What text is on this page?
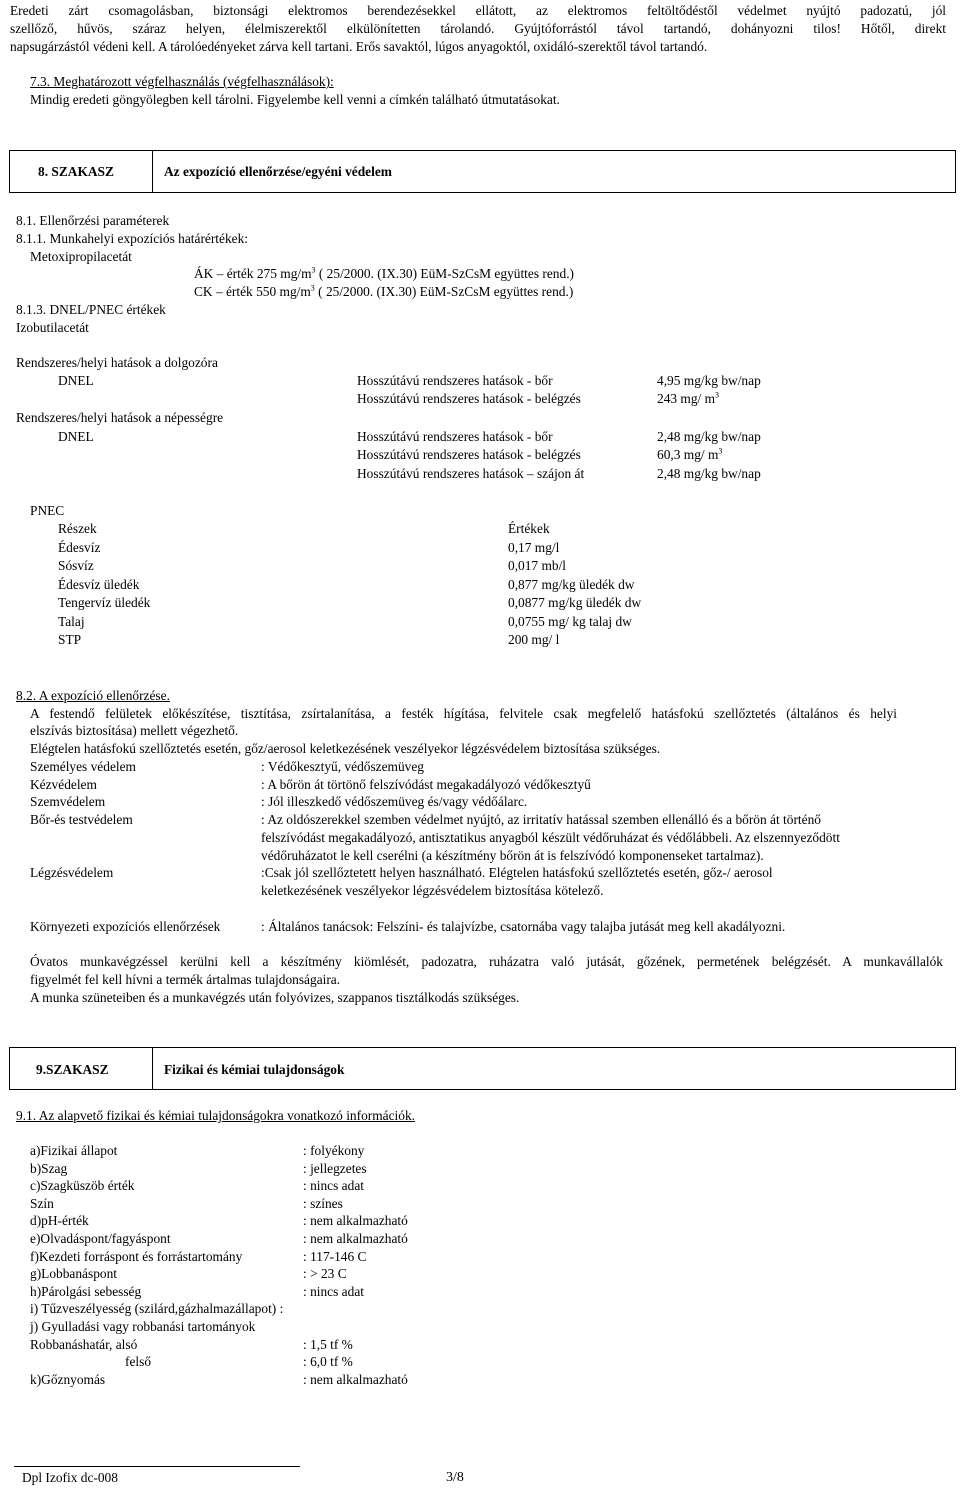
Eredeti zárt csomagolásban, biztonsági elektromos berendezésekkel ellátott, az elektromos feltöltődéstől védelmet nyújtó padozatú, jól
szellőző, hűvös, száraz helyen, élelmiszerektől elkülönítetten tárolandó. Gyújtóforrástól távol tartandó, dohányozni tilos! Hőtől, direkt
napsugárzástól védeni kell. A tárolóedényeket zárva kell tartani. Erős savaktól, lúgos anyagoktól, oxidáló-szerektől távol tartandó.
7.3. Meghatározott végfelhasználás (végfelhasználások):
Mindig eredeti göngyölegben kell tárolni. Figyelembe kell venni a címkén található útmutatásokat.
8. SZAKASZ	Az expozíció ellenőrzése/egyéni védelem
8.1. Ellenőrzési paraméterek
8.1.1. Munkahelyi expozíciós határértékek:
Metoxipropilacetát
ÁK – érték 275 $mg/m^3$ ( 25/2000. (IX.30) EüM-SzCsM együttes rend.)
CK – érték 550 $mg/m^3$ ( 25/2000. (IX.30) EüM-SzCsM együttes rend.)
8.1.3. DNEL/PNEC értékek
Izobutilacetát
Rendszeres/helyi hatások a dolgozóra
DNEL	Hosszútávú rendszeres hatások - bőr	4,95 mg/kg bw/nap
Hosszútávú rendszeres hatások - belégzés	243 mg/ $m^3$
Rendszeres/helyi hatások a népességre
DNEL	Hosszútávú rendszeres hatások - bőr	2,48 mg/kg bw/nap
Hosszútávú rendszeres hatások - belégzés	60,3 mg/ $m^3$
Hosszútávú rendszeres hatások – szájon át	2,48 mg/kg bw/nap
PNEC
Részek	Értékek
Édesvíz	0,17 mg/l
Sósvíz	0,017 mb/l
Édesvíz üledék	0,877 mg/kg üledék dw
Tengervíz üledék	0,0877 mg/kg üledék dw
Talaj	0,0755 mg/ kg talaj dw
STP	200 mg/ l
8.2. A expozíció ellenőrzése.
A festendő felületek előkészítése, tisztítása, zsírtalanítása, a festék hígítása, felvitele csak megfelelő hatásfokú szellőztetés (általános és helyi
elszívás biztosítása) mellett végezhető.
Elégtelen hatásfokú szellőztetés esetén, gőz/aerosol keletkezésének veszélyekor légzésvédelem biztosítása szükséges.
Személyes védelem	: Védőkesztyű, védőszemüveg
Kézvédelem	: A bőrön át törtönő felszívódást megakadályozó védőkesztyű
Szemvédelem	: Jól illeszkedő védőszemüveg és/vagy védőálarc.
Bőr-és testvédelem	: Az oldószerekkel szemben védelmet nyújtó, az irritatív hatással szemben ellenálló és a bőrön át történő
felszívódást megakadályozó, antisztatikus anyagból készült védőruházat és védőlábbeli. Az elszennyeződött
védőruházatot le kell cserélni (a készítmény bőrön át is felszívódó komponenseket tartalmaz).
Légzésvédelem	:Csak jól szellőztetett helyen használható. Elégtelen hatásfokú szellőztetés esetén, gőz-/ aerosol
keletkezésének veszélyekor légzésvédelem biztosítása kötelező.
Környezeti expozíciós ellenőrzések	: Általános tanácsok: Felszíni- és talajvízbe, csatornába vagy talajba jutását meg kell akadályozni.
Óvatos munkavégzéssel kerülni kell a készítmény kiömlését, padozatra, ruházatra való jutását, gőzének, permetének belégzését. A munkavállalók
figyelmét fel kell hívni a termék ártalmas tulajdonságaira.
A munka szüneteiben és a munkavégzés után folyóvizes, szappanos tisztálkodás szükséges.
9.SZAKASZ	Fizikai és kémiai tulajdonságok
9.1. Az alapvető fizikai és kémiai tulajdonságokra vonatkozó információk.
a)Fizikai állapot	: folyékony
b)Szag	: jellegzetes
c)Szagküszöb érték	: nincs adat
Szín	: színes
d)pH-érték	: nem alkalmazható
e)Olvadáspont/fagyáspont	: nem alkalmazható
f)Kezdeti forráspont és forrástartomány	: 117-146 C
g)Lobbanáspont	: > 23 C
h)Párolgási sebesség	: nincs adat
i) Tűzveszélyesség (szilárd,gázhalmazállapot) :
j) Gyulladási vagy robbanási tartományok
Robbanáshatár, alsó	: 1,5 tf %
felső	: 6,0 tf %
k)Gőznyomás	: nem alkalmazható
Dpl Izofix dc-008	3/8
